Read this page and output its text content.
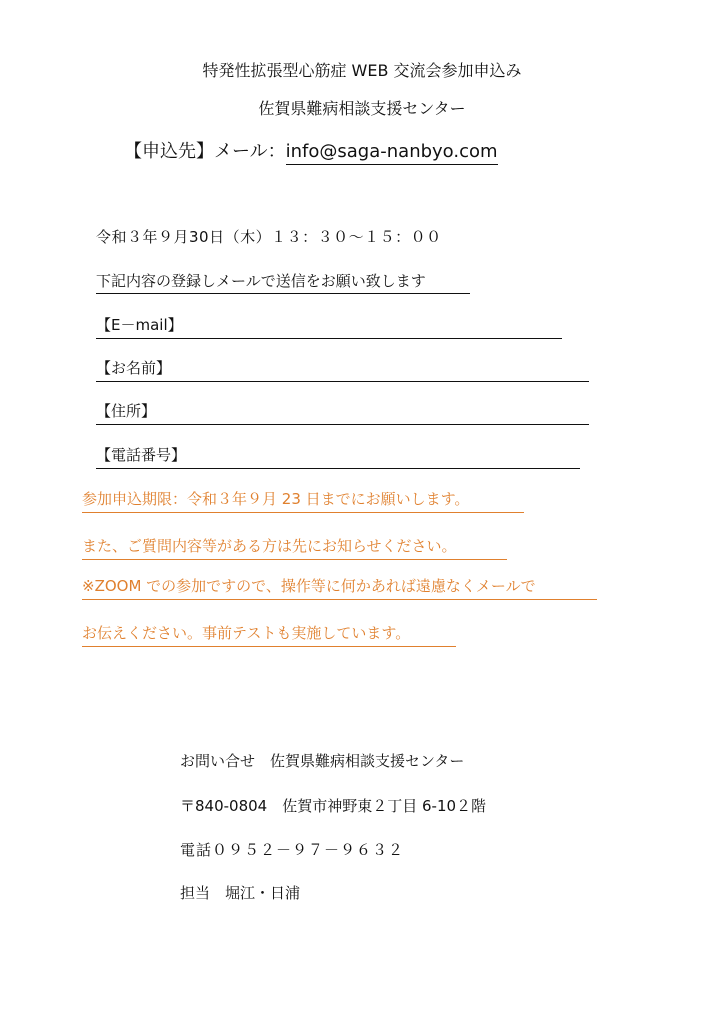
特発性拡張型心筋症 WEB 交流会参加申込み
佐賀県難病相談支援センター
【申込先】メール：info@saga-nanbyo.com
令和３年９月30日（木）１３：３０～１５：００
下記内容の登録しメールで送信をお願い致します
【E－mail】
【お名前】
【住所】
【電話番号】
参加申込期限：令和３年９月 23 日までにお願いします。
また、ご質問内容等がある方は先にお知らせください。
※ZOOM での参加ですので、操作等に何かあれば遠慮なくメールで
お伝えください。事前テストも実施しています。
お問い合せ　佐賀県難病相談支援センター
〒840-0804　佐賀市神野東２丁目 6-10２階
電話０９５２－９７－９６３２
担当　堀江・日浦
